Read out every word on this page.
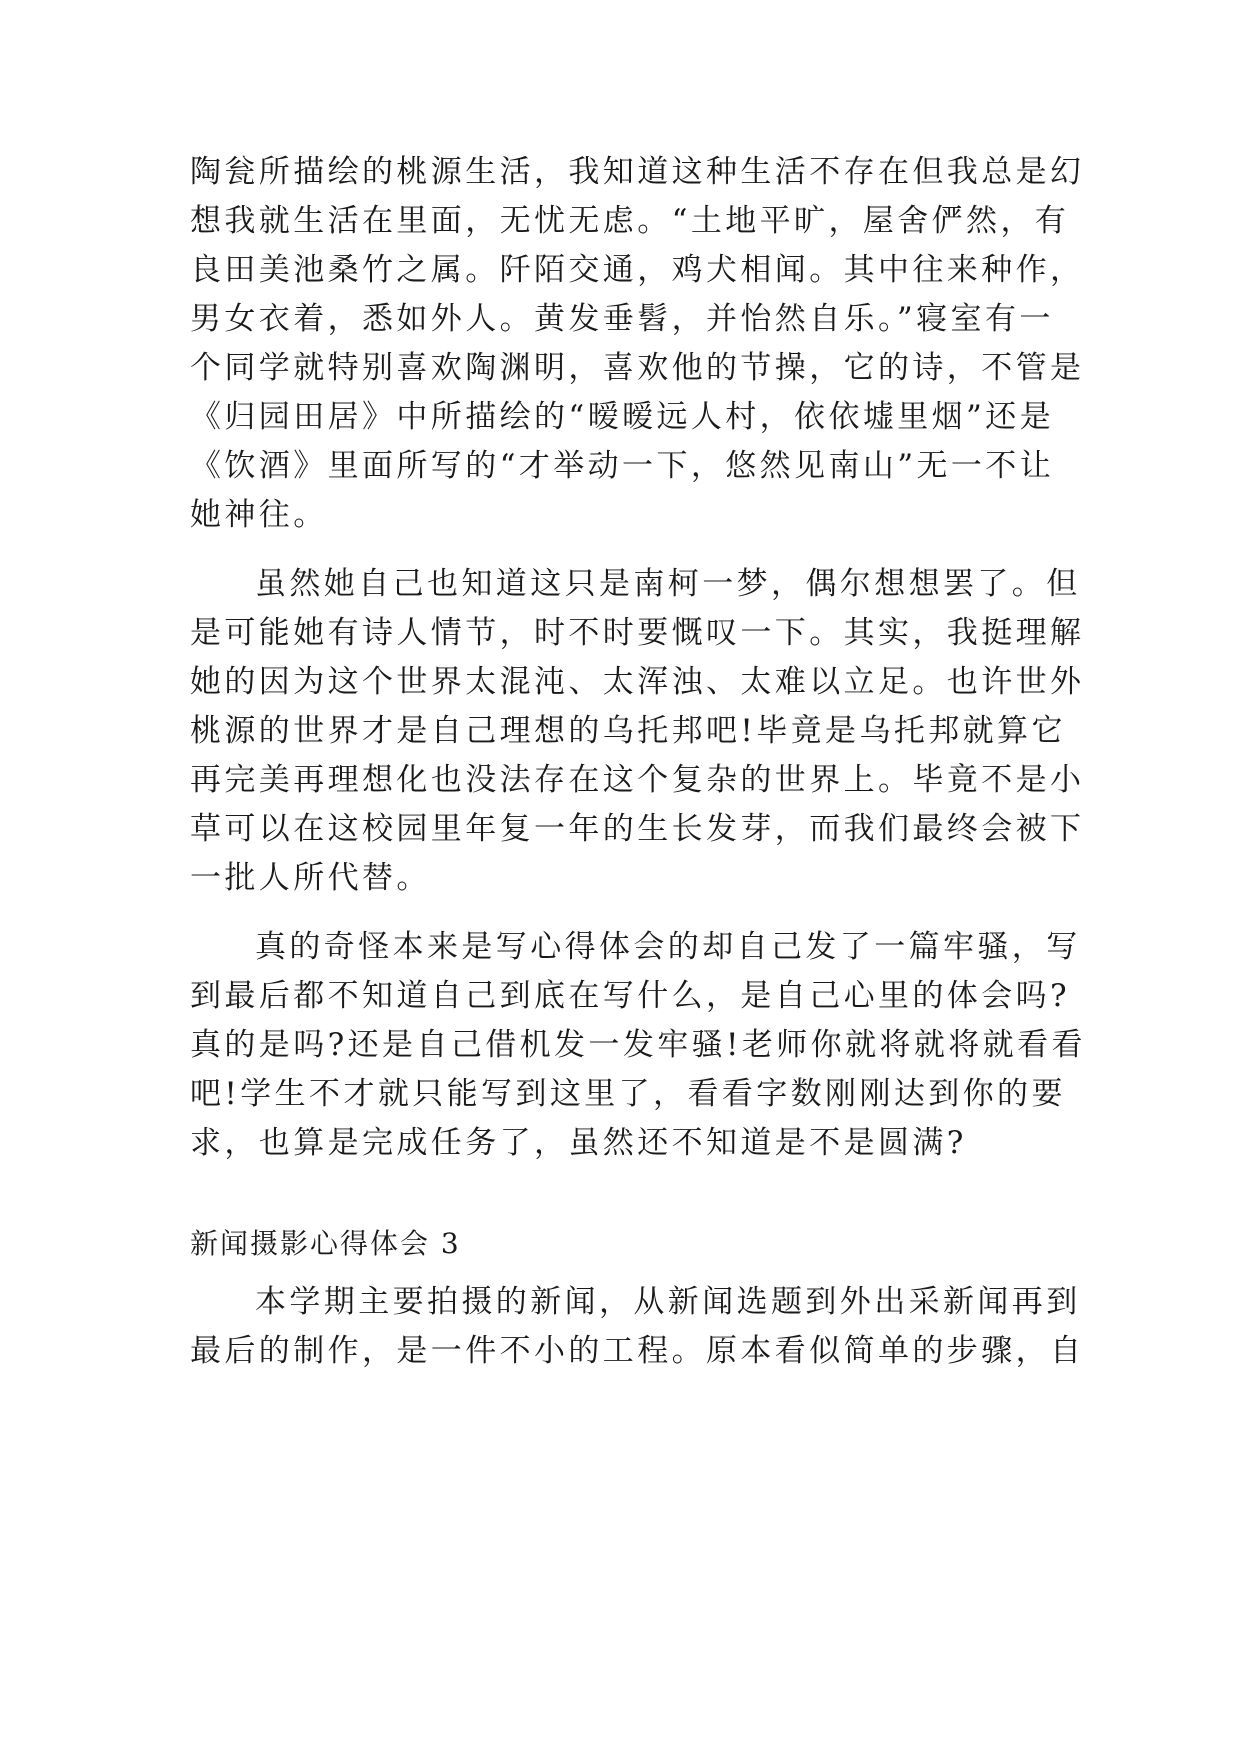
陶瓮所描绘的桃源生活，我知道这种生活不存在但我总是幻
想我就生活在里面，无忧无虑。“土地平旷，屋舍俨然，有
良田美池桑竹之属。阡陌交通，鸡犬相闻。其中往来种作，
男女衣着，悉如外人。黄发垂髫，并怡然自乐。”寝室有一
个同学就特别喜欢陶渊明，喜欢他的节操，它的诗，不管是
《归园田居》中所描绘的“暧暧远人村，依依墟里烟”还是
《饮酒》里面所写的“才举动一下，悠然见南山”无一不让
她神往。
虽然她自己也知道这只是南柯一梦，偶尔想想罢了。但
是可能她有诗人情节，时不时要慨叹一下。其实，我挺理解
她的因为这个世界太混沌、太浑浊、太难以立足。也许世外
桃源的世界才是自己理想的乌托邦吧!毕竟是乌托邦就算它
再完美再理想化也没法存在这个复杂的世界上。毕竟不是小
草可以在这校园里年复一年的生长发芽，而我们最终会被下
一批人所代替。
真的奇怪本来是写心得体会的却自己发了一篇牢骚，写
到最后都不知道自己到底在写什么，是自己心里的体会吗?
真的是吗?还是自己借机发一发牢骚!老师你就将就将就看看
吧!学生不才就只能写到这里了，看看字数刚刚达到你的要
求，也算是完成任务了，虽然还不知道是不是圆满?
新闻摄影心得体会 3
本学期主要拍摄的新闻，从新闻选题到外出采新闻再到
最后的制作，是一件不小的工程。原本看似简单的步骤，自
